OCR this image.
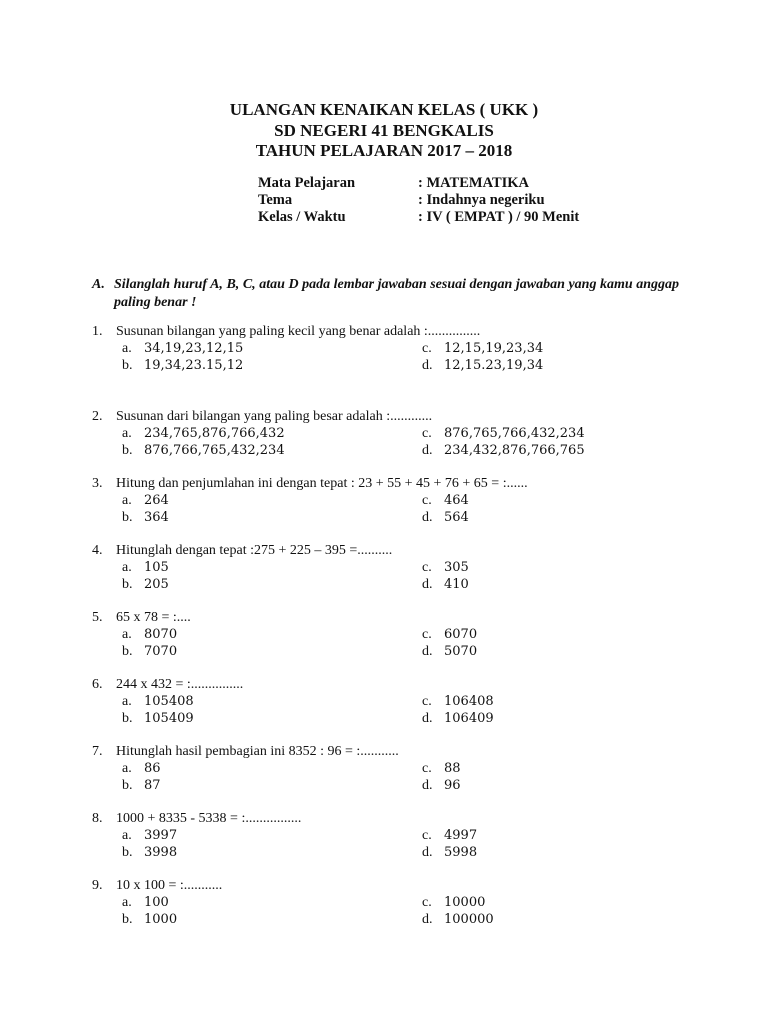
ULANGAN KENAIKAN KELAS ( UKK )
SD NEGERI 41 BENGKALIS
TAHUN PELAJARAN 2017 – 2018
Mata Pelajaran	: MATEMATIKA
Tema	: Indahnya negeriku
Kelas / Waktu	: IV ( EMPAT ) / 90 Menit
A. Silanglah huruf A, B, C, atau D pada lembar jawaban sesuai dengan jawaban yang kamu anggap paling benar !
1. Susunan bilangan yang paling kecil yang benar adalah :...............
a. 34,19,23,12,15
b. 19,34,23.15,12
c. 12,15,19,23,34
d. 12,15.23,19,34
2. Susunan dari bilangan yang paling besar adalah :............
a. 234,765,876,766,432
b. 876,766,765,432,234
c. 876,765,766,432,234
d. 234,432,876,766,765
3. Hitung dan penjumlahan ini dengan tepat : 23 + 55 + 45 + 76 + 65 = :......
a. 264
b. 364
c. 464
d. 564
4. Hitunglah dengan tepat :275 + 225 – 395 =..........
a. 105
b. 205
c. 305
d. 410
5. 65 x 78 = :....
a. 8070
b. 7070
c. 6070
d. 5070
6. 244 x 432 = :...............
a. 105408
b. 105409
c. 106408
d. 106409
7. Hitunglah hasil pembagian ini 8352 : 96 = :...........
a. 86
b. 87
c. 88
d. 96
8. 1000 + 8335 - 5338 = :................
a. 3997
b. 3998
c. 4997
d. 5998
9. 10 x 100 = :...........
a. 100
b. 1000
c. 10000
d. 100000
